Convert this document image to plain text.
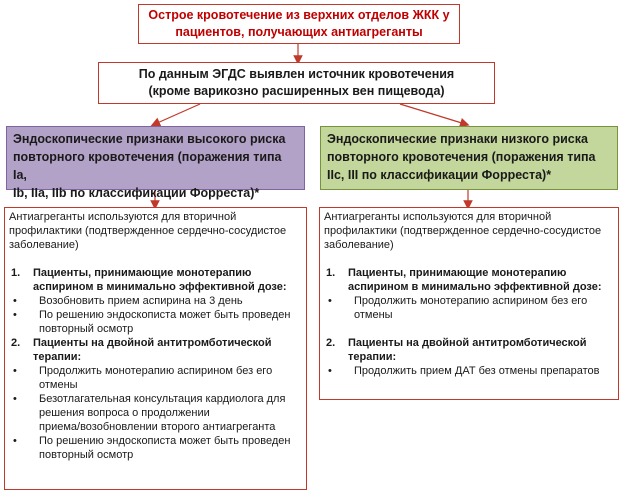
Острое кровотечение из верхних отделов ЖКК у
пациентов, получающих антиагреганты
По данным ЭГДС выявлен источник кровотечения
(кроме варикозно расширенных вен пищевода)
Эндоскопические признаки высокого риска
повторного кровотечения (поражения типа Ia,
Ib, IIa, IIb по классификации Форреста)*
Эндоскопические признаки низкого риска
повторного кровотечения (поражения типа
IIc, III по классификации Форреста)*
Антиагреганты используются для вторичной
профилактики (подтвержденное сердечно-сосудистое
заболевание)
1.	Пациенты, принимающие монотерапию
аспирином в минимально эффективной дозе:
•	Возобновить прием аспирина на 3 день
•	По решению эндоскописта может быть проведен
повторный осмотр
2.	Пациенты на двойной антитромботической
терапии:
•	Продолжить монотерапию аспирином без его
отмены
•	Безотлагательная консультация кардиолога для
решения вопроса о продолжении
приема/возобновлении второго антиагреганта
•	По решению эндоскописта может быть проведен
повторный осмотр
Антиагреганты используются для вторичной
профилактики (подтвержденное сердечно-сосудистое
заболевание)
1.	Пациенты, принимающие монотерапию
аспирином в минимально эффективной дозе:
•	Продолжить монотерапию аспирином без его
отмены
2.	Пациенты на двойной антитромботической
терапии:
•	Продолжить прием ДАТ без отмены препаратов
